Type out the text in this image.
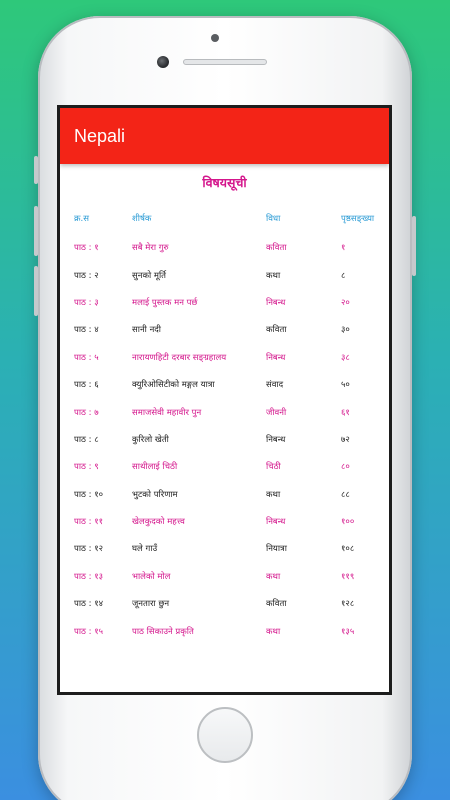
Nepali
विषयसूची
क्र.स	शीर्षक	विधा	पृष्ठसङ्ख्या
पाठ : १	सबै मेरा गुरु	कविता	१
पाठ : २	सुनको मूर्ति	कथा	८
पाठ : ३	मलाई पुस्तक मन पर्छ	निबन्ध	२०
पाठ : ४	सानी नदी	कविता	३०
पाठ : ५	नारायणहिटी दरबार सङ्ग्रहालय	निबन्ध	३८
पाठ : ६	क्युरिओसिटीको मङ्गल यात्रा	संवाद	५०
पाठ : ७	समाजसेवी महावीर पुन	जीवनी	६१
पाठ : ८	कुरिलो खेती	निबन्ध	७२
पाठ : ९	साथीलाई चिठी	चिठी	८०
पाठ : १०	भुटको परिणाम	कथा	८८
पाठ : ११	खेलकुदको महत्त्व	निबन्ध	१००
पाठ : १२	घले गाउँ	नियात्रा	१०८
पाठ : १३	भालेको मोल	कथा	११९
पाठ : १४	जूनतारा छुन	कविता	१२८
पाठ : १५	पाठ सिकाउने प्रकृति	कथा	१३५
